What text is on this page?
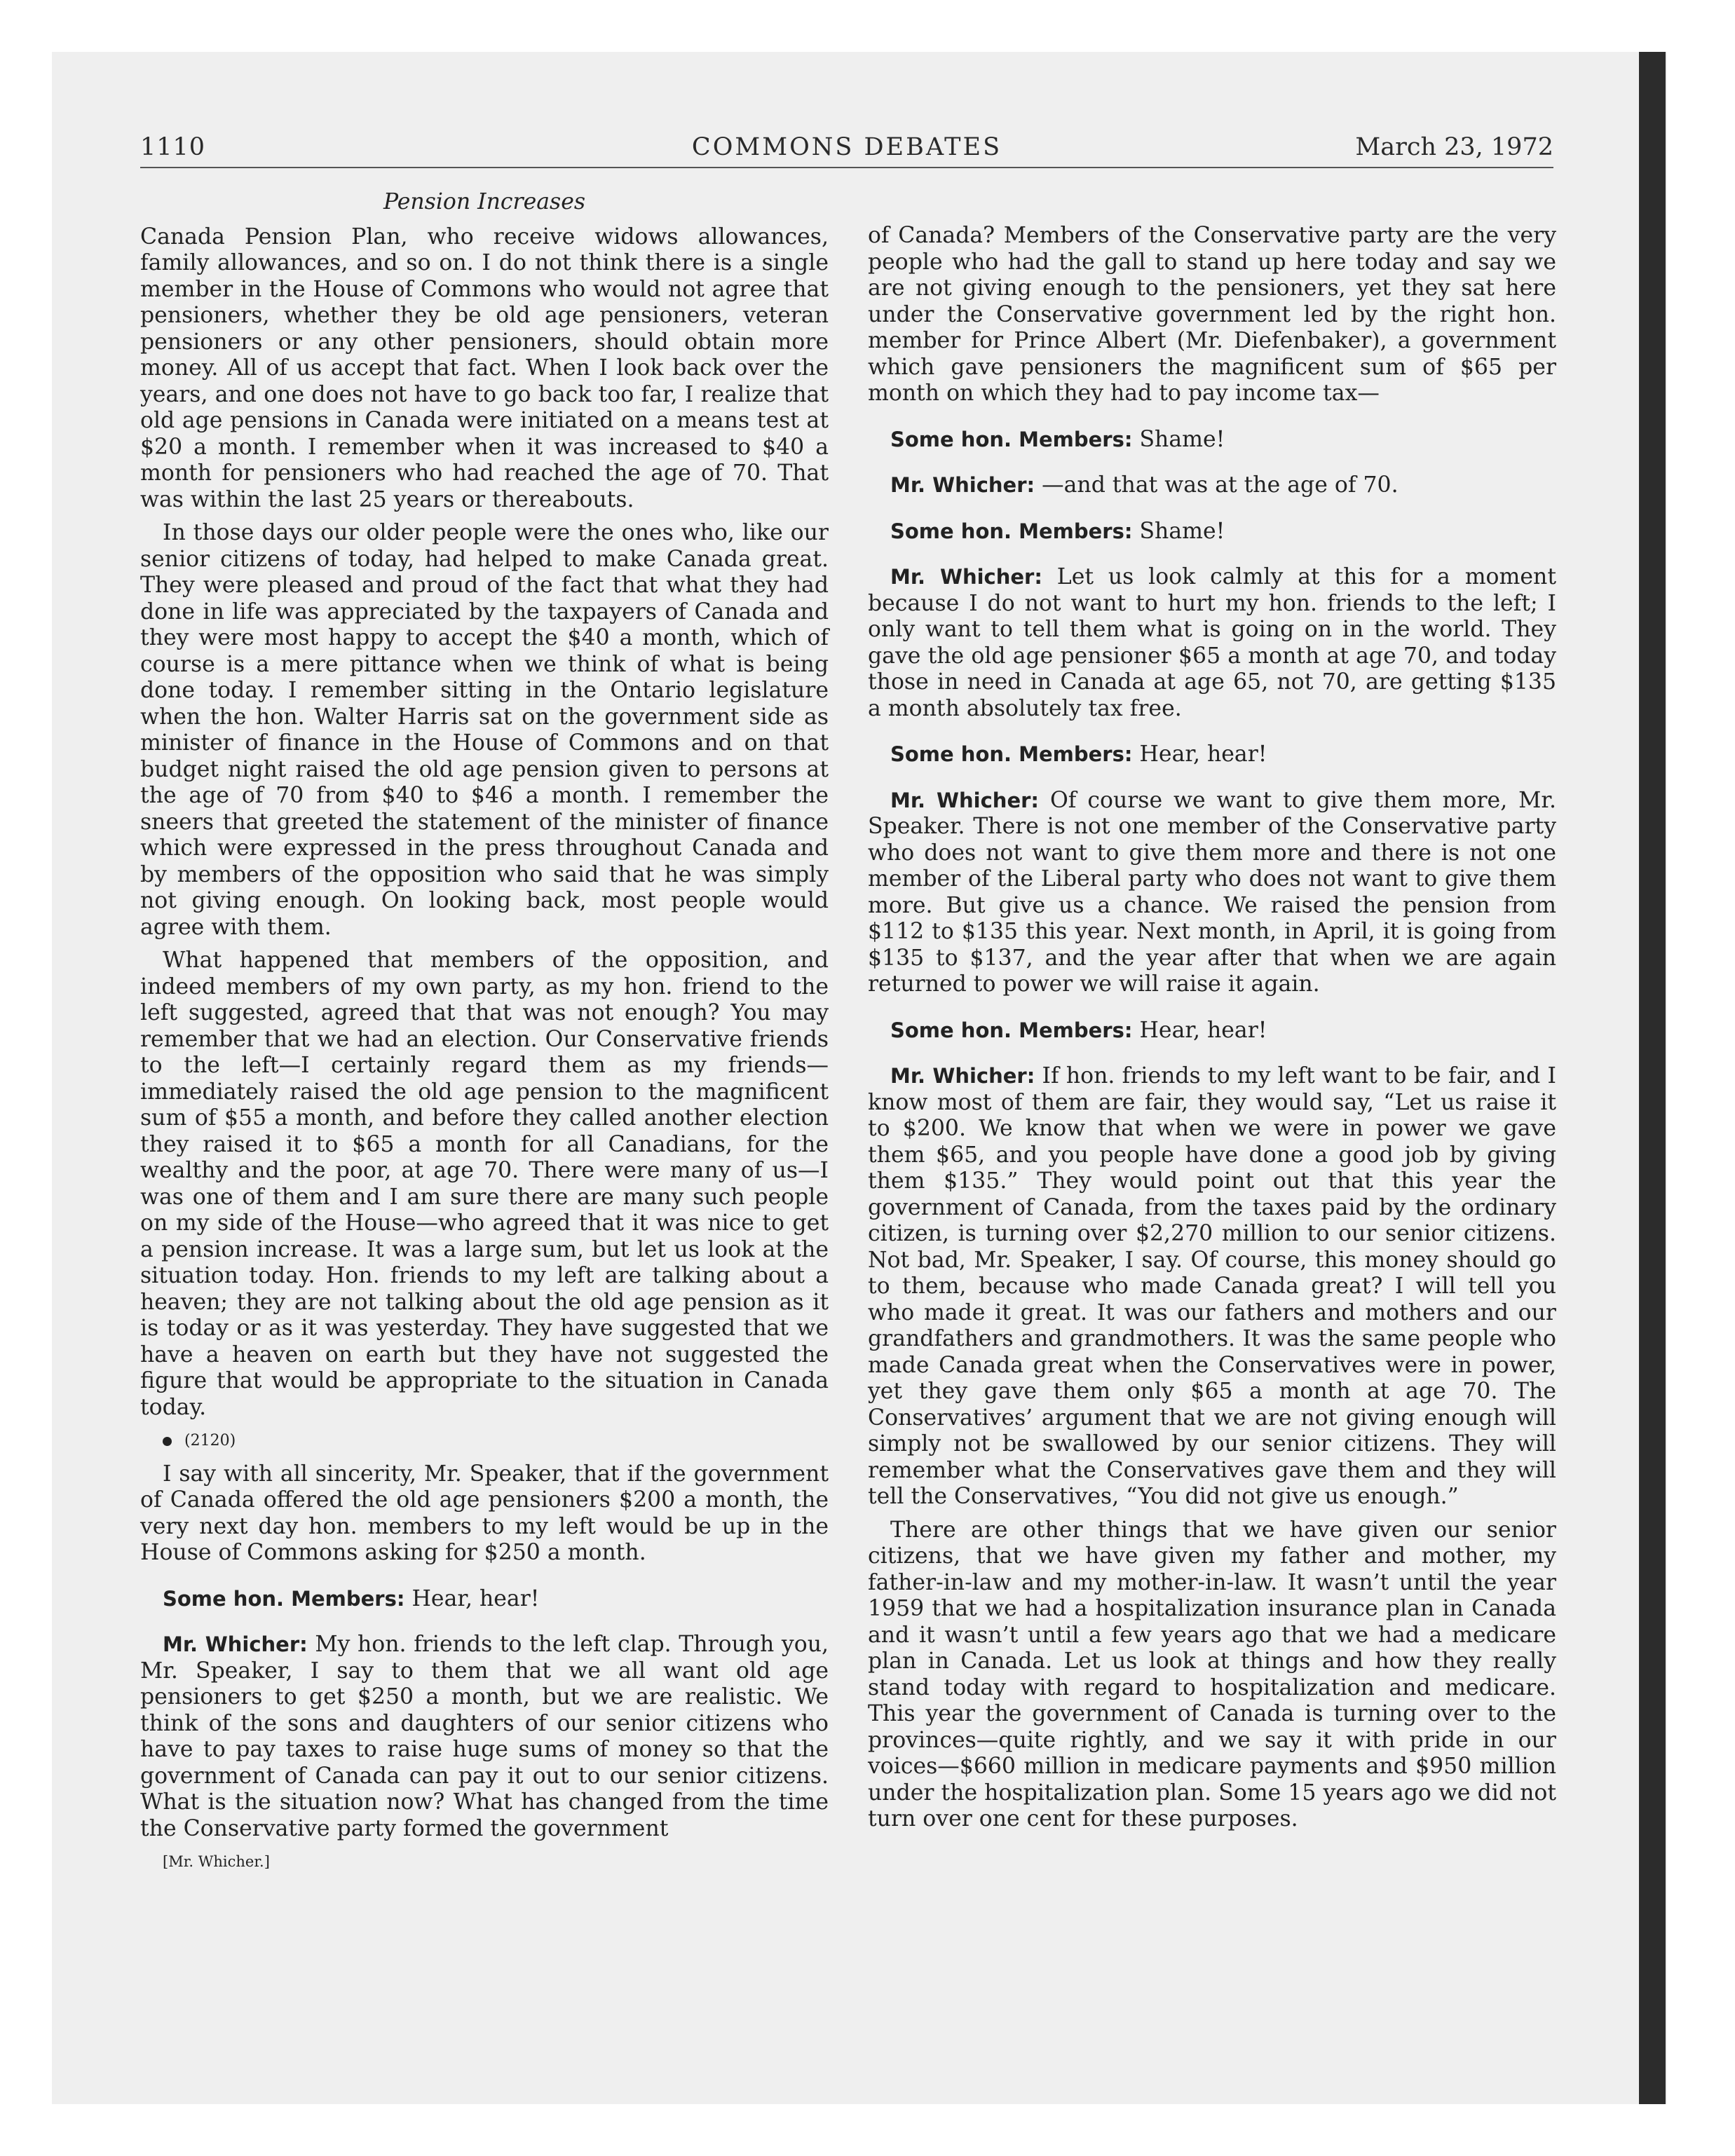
1110	COMMONS DEBATES	March 23, 1972
Pension Increases

Canada Pension Plan, who receive widows allowances, family allowances, and so on. I do not think there is a single member in the House of Commons who would not agree that pensioners, whether they be old age pensioners, veteran pensioners or any other pensioners, should obtain more money. All of us accept that fact. When I look back over the years, and one does not have to go back too far, I realize that old age pensions in Canada were initiated on a means test at $20 a month. I remember when it was increased to $40 a month for pensioners who had reached the age of 70. That was within the last 25 years or thereabouts.

In those days our older people were the ones who, like our senior citizens of today, had helped to make Canada great. They were pleased and proud of the fact that what they had done in life was appreciated by the taxpayers of Canada and they were most happy to accept the $40 a month, which of course is a mere pittance when we think of what is being done today. I remember sitting in the Ontario legislature when the hon. Walter Harris sat on the government side as minister of finance in the House of Commons and on that budget night raised the old age pension given to persons at the age of 70 from $40 to $46 a month. I remember the sneers that greeted the statement of the minister of finance which were expressed in the press throughout Canada and by members of the opposition who said that he was simply not giving enough. On looking back, most people would agree with them.

What happened that members of the opposition, and indeed members of my own party, as my hon. friend to the left suggested, agreed that that was not enough? You may remember that we had an election. Our Conservative friends to the left—I certainly regard them as my friends—immediately raised the old age pension to the magnificent sum of $55 a month, and before they called another election they raised it to $65 a month for all Canadians, for the wealthy and the poor, at age 70. There were many of us—I was one of them and I am sure there are many such people on my side of the House—who agreed that it was nice to get a pension increase. It was a large sum, but let us look at the situation today. Hon. friends to my left are talking about a heaven; they are not talking about the old age pension as it is today or as it was yesterday. They have suggested that we have a heaven on earth but they have not suggested the figure that would be appropriate to the situation in Canada today.

(2120)

I say with all sincerity, Mr. Speaker, that if the government of Canada offered the old age pensioners $200 a month, the very next day hon. members to my left would be up in the House of Commons asking for $250 a month.

Some hon. Members: Hear, hear!

Mr. Whicher: My hon. friends to the left clap. Through you, Mr. Speaker, I say to them that we all want old age pensioners to get $250 a month, but we are realistic. We think of the sons and daughters of our senior citizens who have to pay taxes to raise huge sums of money so that the government of Canada can pay it out to our senior citizens. What is the situation now? What has changed from the time the Conservative party formed the government

[Mr. Whicher.]

of Canada? Members of the Conservative party are the very people who had the gall to stand up here today and say we are not giving enough to the pensioners, yet they sat here under the Conservative government led by the right hon. member for Prince Albert (Mr. Diefenbaker), a government which gave pensioners the magnificent sum of $65 per month on which they had to pay income tax—

Some hon. Members: Shame!

Mr. Whicher: —and that was at the age of 70.

Some hon. Members: Shame!

Mr. Whicher: Let us look calmly at this for a moment because I do not want to hurt my hon. friends to the left; I only want to tell them what is going on in the world. They gave the old age pensioner $65 a month at age 70, and today those in need in Canada at age 65, not 70, are getting $135 a month absolutely tax free.

Some hon. Members: Hear, hear!

Mr. Whicher: Of course we want to give them more, Mr. Speaker. There is not one member of the Conservative party who does not want to give them more and there is not one member of the Liberal party who does not want to give them more. But give us a chance. We raised the pension from $112 to $135 this year. Next month, in April, it is going from $135 to $137, and the year after that when we are again returned to power we will raise it again.

Some hon. Members: Hear, hear!

Mr. Whicher: If hon. friends to my left want to be fair, and I know most of them are fair, they would say, “Let us raise it to $200. We know that when we were in power we gave them $65, and you people have done a good job by giving them $135.” They would point out that this year the government of Canada, from the taxes paid by the ordinary citizen, is turning over $2,270 million to our senior citizens. Not bad, Mr. Speaker, I say. Of course, this money should go to them, because who made Canada great? I will tell you who made it great. It was our fathers and mothers and our grandfathers and grandmothers. It was the same people who made Canada great when the Conservatives were in power, yet they gave them only $65 a month at age 70. The Conservatives’ argument that we are not giving enough will simply not be swallowed by our senior citizens. They will remember what the Conservatives gave them and they will tell the Conservatives, “You did not give us enough.”

There are other things that we have given our senior citizens, that we have given my father and mother, my father-in-law and my mother-in-law. It wasn’t until the year 1959 that we had a hospitalization insurance plan in Canada and it wasn’t until a few years ago that we had a medicare plan in Canada. Let us look at things and how they really stand today with regard to hospitalization and medicare. This year the government of Canada is turning over to the provinces—quite rightly, and we say it with pride in our voices—$660 million in medicare payments and $950 million under the hospitalization plan. Some 15 years ago we did not turn over one cent for these purposes.
